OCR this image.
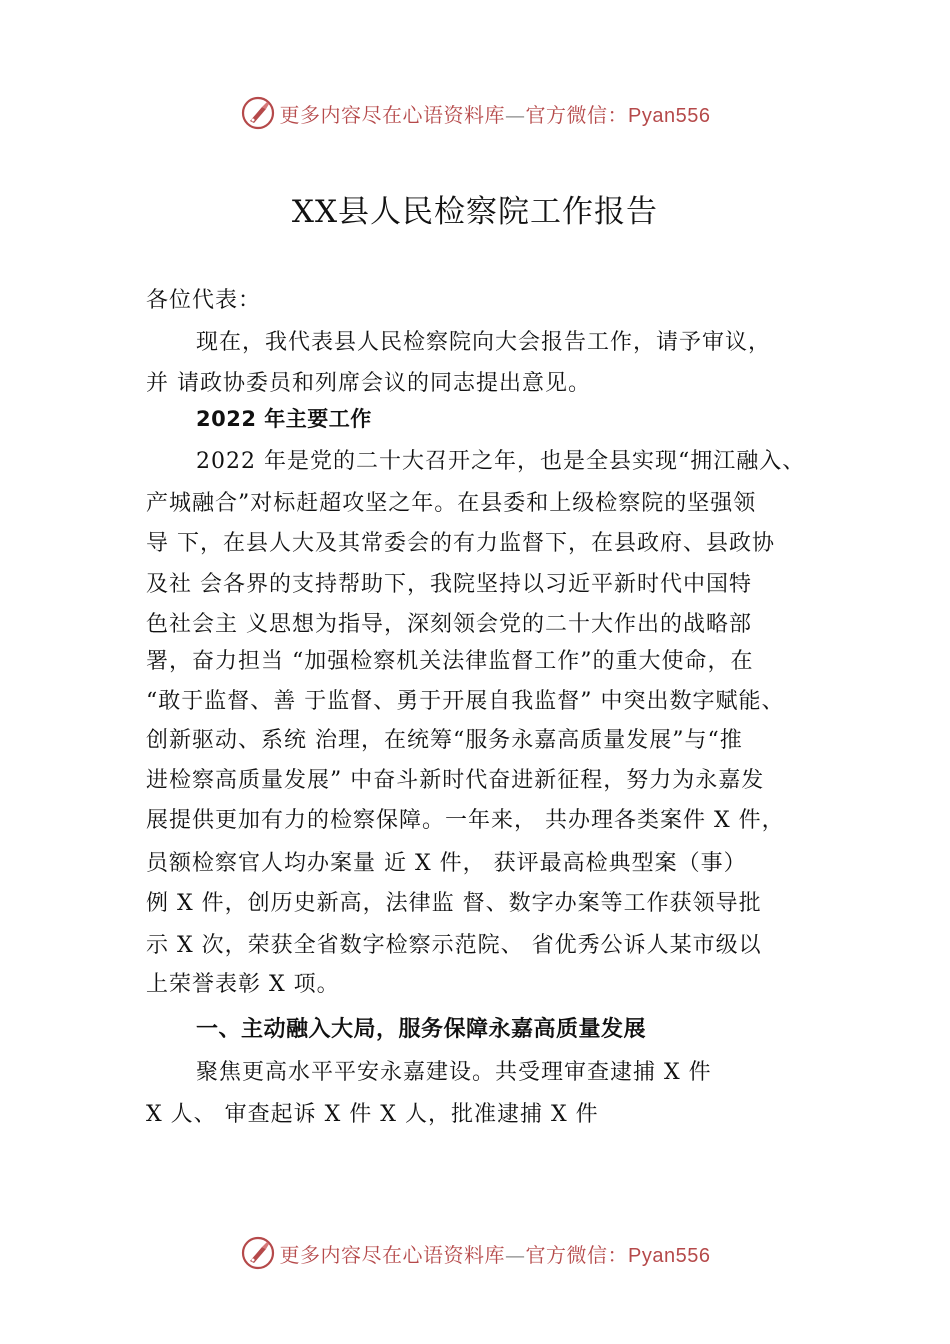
更多内容尽在心语资料库—官方微信：Pyan556
XX县人民检察院工作报告
各位代表：
现在，我代表县人民检察院向大会报告工作，请予审议，
并 请政协委员和列席会议的同志提出意见。
2022 年主要工作
2022 年是党的二十大召开之年，也是全县实现“拥江融入、
产城融合”对标赶超攻坚之年。在县委和上级检察院的坚强领
导 下，在县人大及其常委会的有力监督下，在县政府、县政协
及社 会各界的支持帮助下，我院坚持以习近平新时代中国特
色社会主 义思想为指导，深刻领会党的二十大作出的战略部
署，奋力担当 “加强检察机关法律监督工作”的重大使命，在
“敢于监督、善 于监督、勇于开展自我监督” 中突出数字赋能、
创新驱动、系统 治理，在统筹“服务永嘉高质量发展”与“推
进检察高质量发展” 中奋斗新时代奋进新征程，努力为永嘉发
展提供更加有力的检察保障。一年来， 共办理各类案件 X 件，
员额检察官人均办案量 近 X 件， 获评最高检典型案（事）
例 X 件，创历史新高，法律监 督、数字办案等工作获领导批
示 X 次，荣获全省数字检察示范院、 省优秀公诉人某市级以
上荣誉表彰 X 项。
一、主动融入大局，服务保障永嘉高质量发展
聚焦更高水平平安永嘉建设。共受理审查逮捕 X 件
X 人、 审查起诉 X 件 X 人，批准逮捕 X 件
更多内容尽在心语资料库—官方微信：Pyan556
